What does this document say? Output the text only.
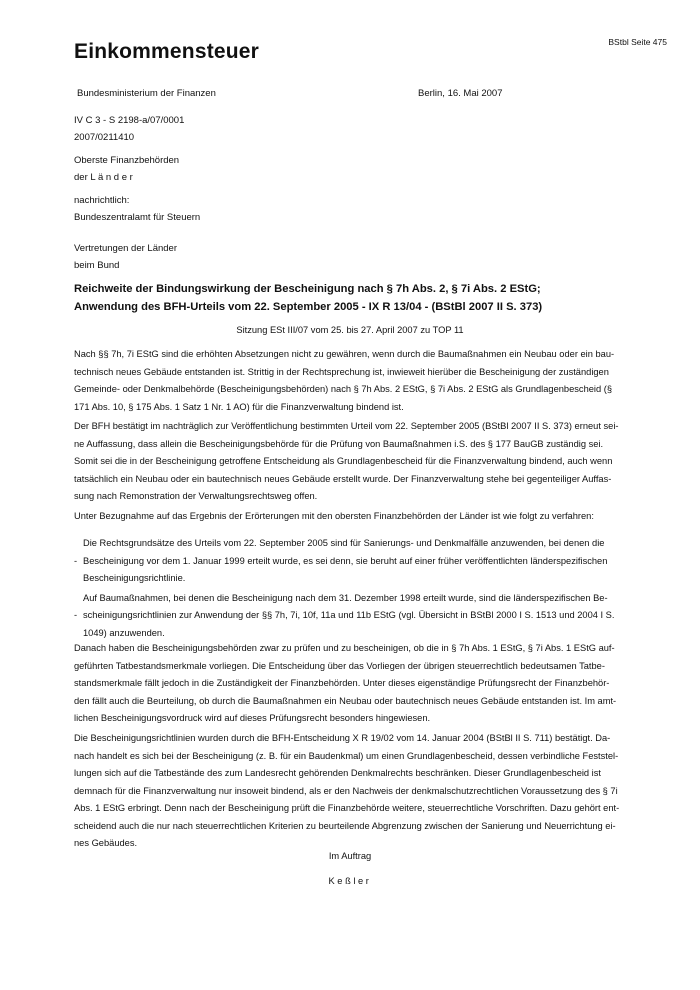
BStbl Seite 475
Einkommensteuer
Bundesministerium der Finanzen	Berlin, 16. Mai 2007
IV C 3 - S 2198-a/07/0001
2007/0211410
Oberste Finanzbehörden
der L ä n d e r
nachrichtlich:
Bundeszentralamt für Steuern
Vertretungen der Länder
beim Bund
Reichweite der Bindungswirkung der Bescheinigung nach § 7h Abs. 2, § 7i Abs. 2 EStG;
Anwendung des BFH-Urteils vom 22. September 2005 - IX R 13/04 - (BStBl 2007 II S. 373)
Sitzung ESt III/07 vom 25. bis 27. April 2007 zu TOP 11
Nach §§ 7h, 7i EStG sind die erhöhten Absetzungen nicht zu gewähren, wenn durch die Baumaßnahmen ein Neubau oder ein bau-
technisch neues Gebäude entstanden ist. Strittig in der Rechtsprechung ist, inwieweit hierüber die Bescheinigung der zuständigen
Gemeinde- oder Denkmalbehörde (Bescheinigungsbehörden) nach § 7h Abs. 2 EStG, § 7i Abs. 2 EStG als Grundlagenbescheid (§
171 Abs. 10, § 175 Abs. 1 Satz 1 Nr. 1 AO) für die Finanzverwaltung bindend ist.
Der BFH bestätigt im nachträglich zur Veröffentlichung bestimmten Urteil vom 22. September 2005 (BStBl 2007 II S. 373) erneut sei-
ne Auffassung, dass allein die Bescheinigungsbehörde für die Prüfung von Baumaßnahmen i.S. des § 177 BauGB zuständig sei.
Somit sei die in der Bescheinigung getroffene Entscheidung als Grundlagenbescheid für die Finanzverwaltung bindend, auch wenn
tatsächlich ein Neubau oder ein bautechnisch neues Gebäude erstellt wurde. Der Finanzverwaltung stehe bei gegenteiliger Auffas-
sung nach Remonstration der Verwaltungsrechtsweg offen.
Unter Bezugnahme auf das Ergebnis der Erörterungen mit den obersten Finanzbehörden der Länder ist wie folgt zu verfahren:
-
Die Rechtsgrundsätze des Urteils vom 22. September 2005 sind für Sanierungs- und Denkmalfälle anzuwenden, bei denen die
Bescheinigung vor dem 1. Januar 1999 erteilt wurde, es sei denn, sie beruht auf einer früher veröffentlichten länderspezifischen
Bescheinigungsrichtlinie.
-
Auf Baumaßnahmen, bei denen die Bescheinigung nach dem 31. Dezember 1998 erteilt wurde, sind die länderspezifischen Be-
scheinigungsrichtlinien zur Anwendung der §§ 7h, 7i, 10f, 11a und 11b EStG (vgl. Übersicht in BStBl 2000 I S. 1513 und 2004 I S.
1049) anzuwenden.
Danach haben die Bescheinigungsbehörden zwar zu prüfen und zu bescheinigen, ob die in § 7h Abs. 1 EStG, § 7i Abs. 1 EStG auf-
geführten Tatbestandsmerkmale vorliegen. Die Entscheidung über das Vorliegen der übrigen steuerrechtlich bedeutsamen Tatbe-
standsmerkmale fällt jedoch in die Zuständigkeit der Finanzbehörden. Unter dieses eigenständige Prüfungsrecht der Finanzbehör-
den fällt auch die Beurteilung, ob durch die Baumaßnahmen ein Neubau oder bautechnisch neues Gebäude entstanden ist. Im amt-
lichen Bescheinigungsvordruck wird auf dieses Prüfungsrecht besonders hingewiesen.
Die Bescheinigungsrichtlinien wurden durch die BFH-Entscheidung X R 19/02 vom 14. Januar 2004 (BStBl II S. 711) bestätigt. Da-
nach handelt es sich bei der Bescheinigung (z. B. für ein Baudenkmal) um einen Grundlagenbescheid, dessen verbindliche Feststel-
lungen sich auf die Tatbestände des zum Landesrecht gehörenden Denkmalrechts beschränken. Dieser Grundlagenbescheid ist
demnach für die Finanzverwaltung nur insoweit bindend, als er den Nachweis der denkmalschutzrechtlichen Voraussetzung des § 7i
Abs. 1 EStG erbringt. Denn nach der Bescheinigung prüft die Finanzbehörde weitere, steuerrechtliche Vorschriften. Dazu gehört ent-
scheidend auch die nur nach steuerrechtlichen Kriterien zu beurteilende Abgrenzung zwischen der Sanierung und Neuerrichtung ei-
nes Gebäudes.
Im Auftrag
Keßler
